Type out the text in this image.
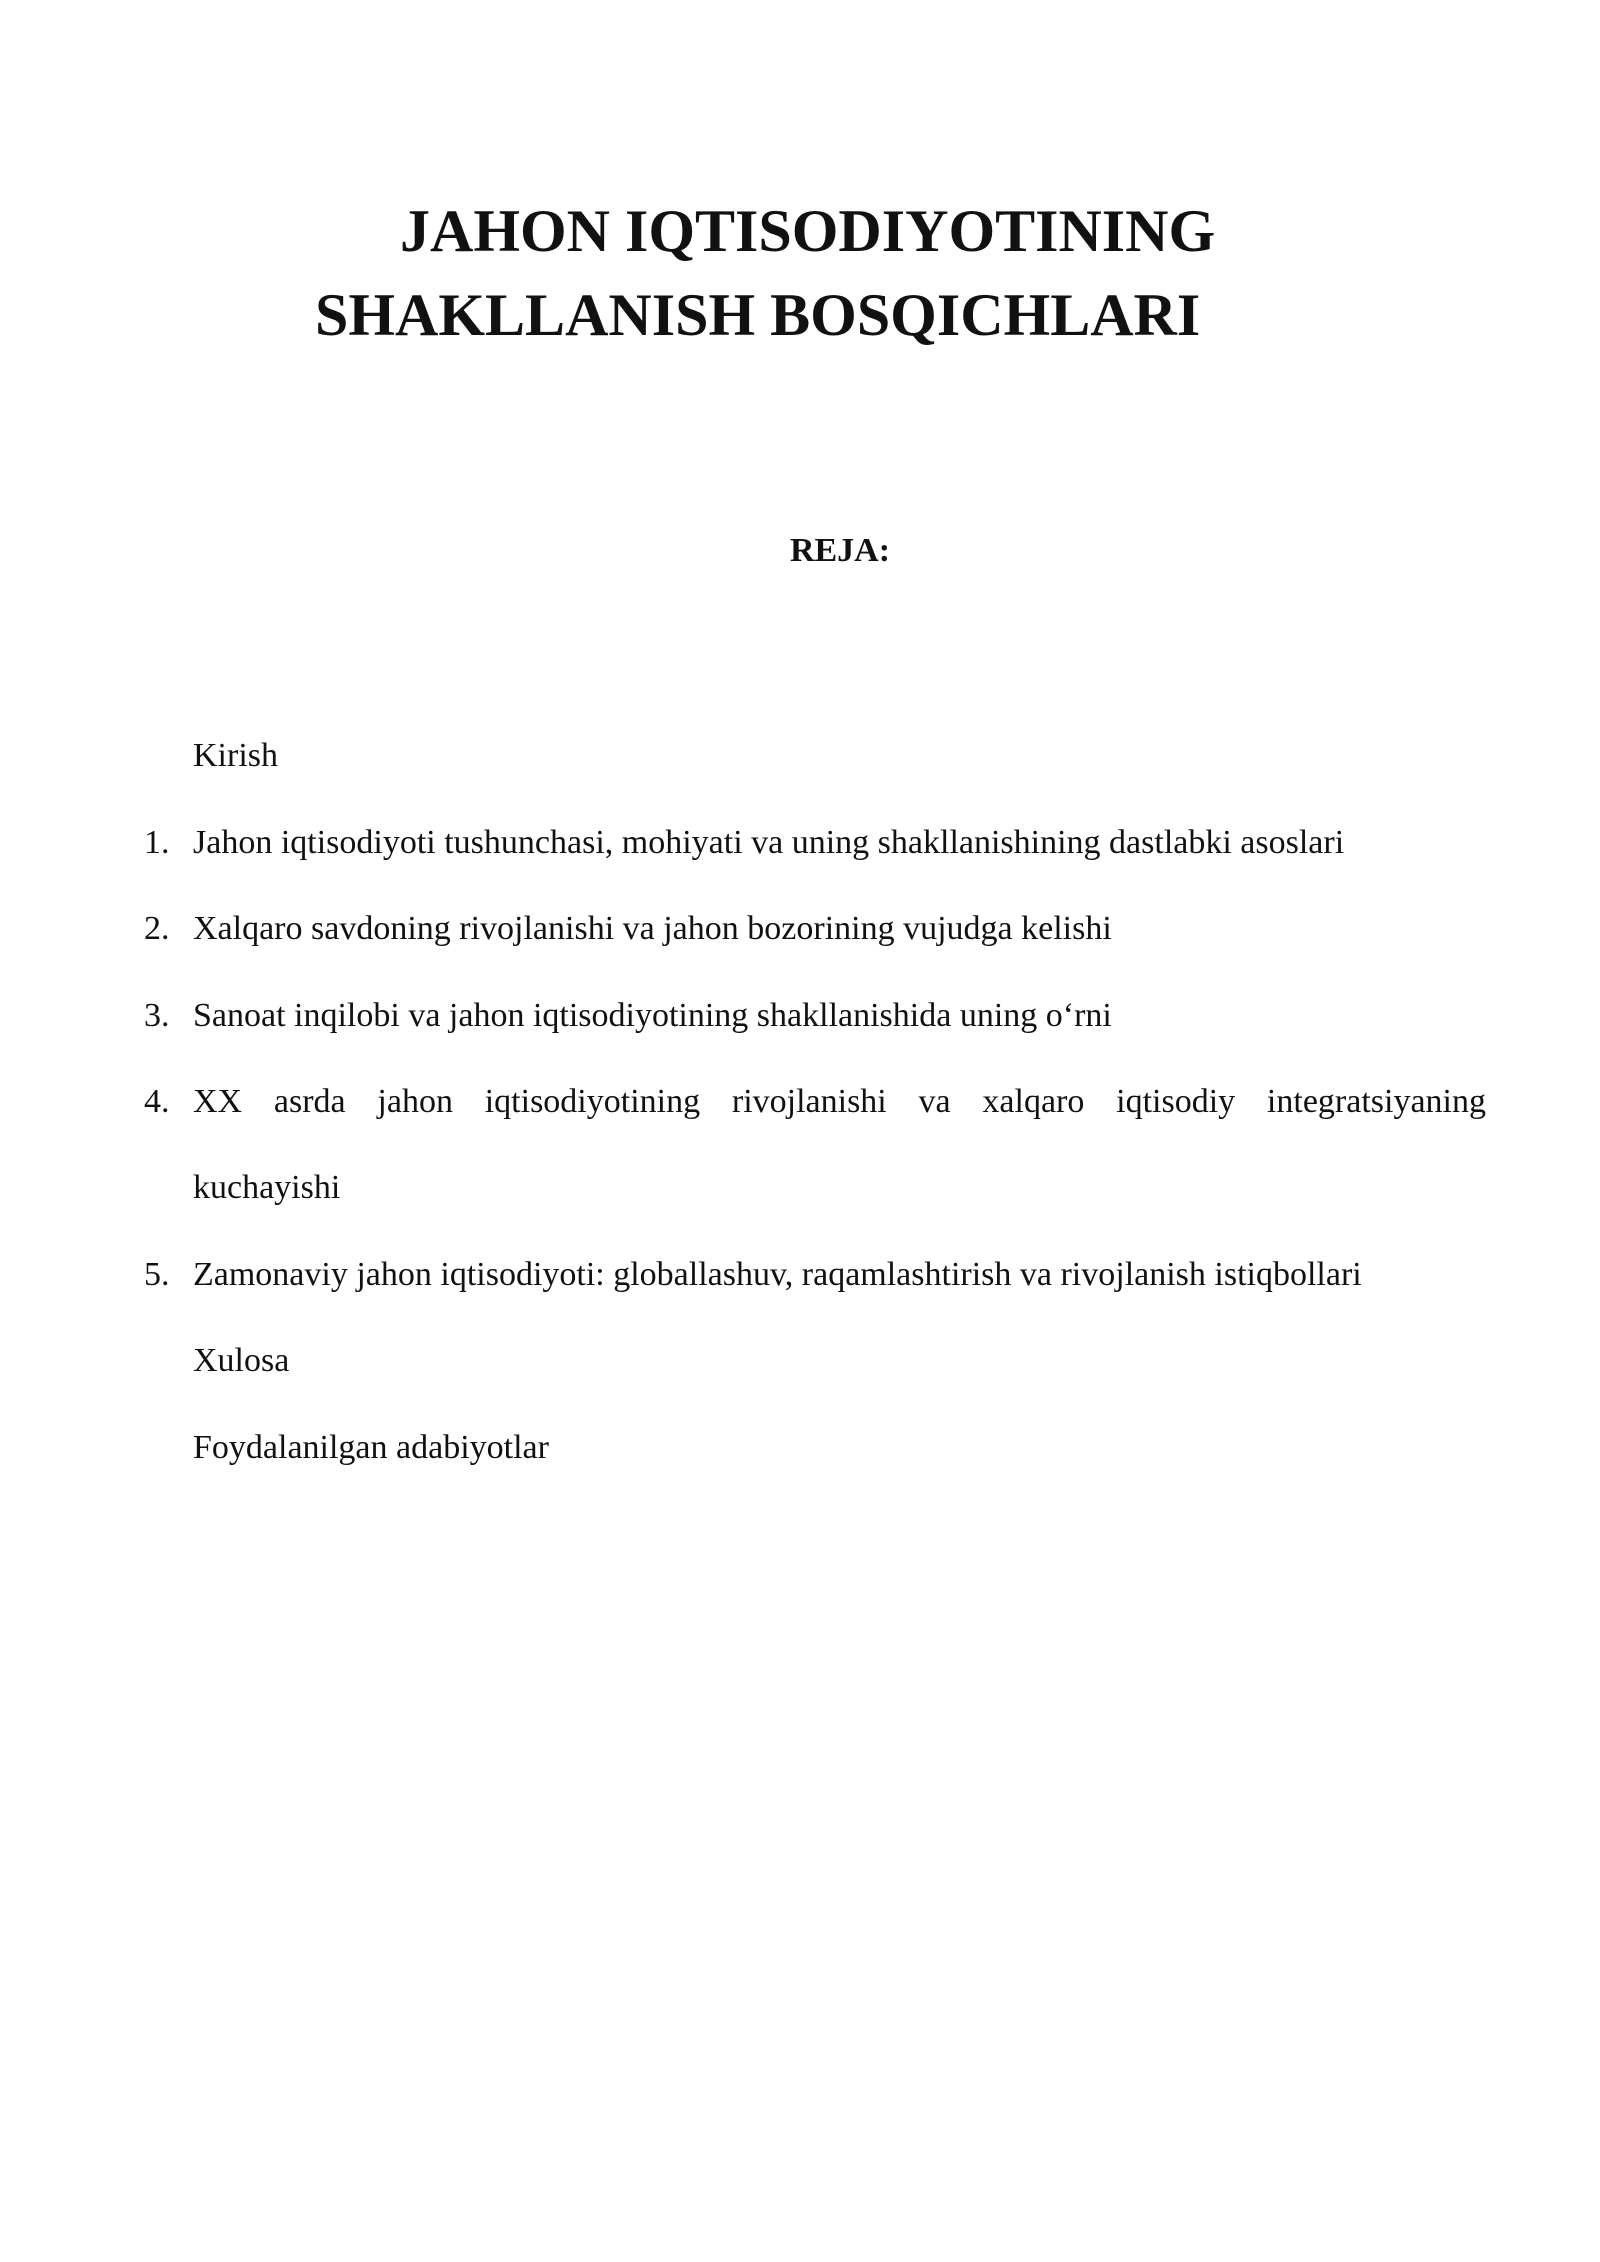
JAHON IQTISODIYOTINING
SHAKLLANISH BOSQICHLARI
REJA:
Kirish
1. Jahon iqtisodiyoti tushunchasi, mohiyati va uning shakllanishining dastlabki asoslari
2. Xalqaro savdoning rivojlanishi va jahon bozorining vujudga kelishi
3. Sanoat inqilobi va jahon iqtisodiyotining shakllanishida uning o‘rni
4. XX asrda jahon iqtisodiyotining rivojlanishi va xalqaro iqtisodiy integratsiyaning
kuchayishi
5. Zamonaviy jahon iqtisodiyoti: globallashuv, raqamlashtirish va rivojlanish istiqbollari
Xulosa
Foydalanilgan adabiyotlar
